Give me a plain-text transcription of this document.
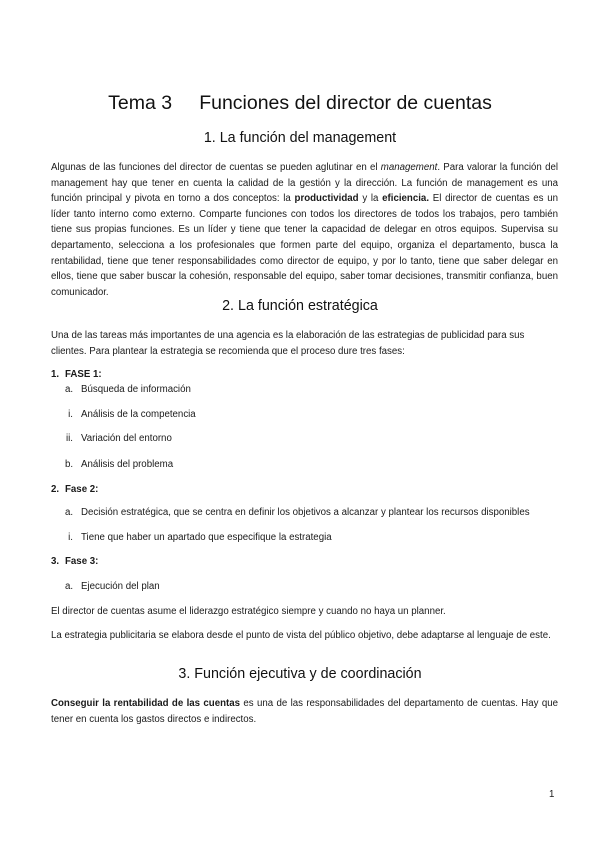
Tema 3 Funciones del director de cuentas
1. La función del management

Algunas de las funciones del director de cuentas se pueden aglutinar en el management. Para valorar la función del management hay que tener en cuenta la calidad de la gestión y la dirección. La función de management es una función principal y pivota en torno a dos conceptos: la productividad y la eficiencia. El director de cuentas es un líder tanto interno como externo. Comparte funciones con todos los directores de todos los trabajos, pero también tiene sus propias funciones. Es un líder y tiene que tener la capacidad de delegar en otros equipos. Supervisa su departamento, selecciona a los profesionales que formen parte del equipo, organiza el departamento, busca la rentabilidad, tiene que tener responsabilidades como director de equipo, y por lo tanto, tiene que saber delegar en ellos, tiene que saber buscar la cohesión, responsable del equipo, saber tomar decisiones, transmitir confianza, buen comunicador.

2. La función estratégica

Una de las tareas más importantes de una agencia es la elaboración de las estrategias de publicidad para sus clientes. Para plantear la estrategia se recomienda que el proceso dure tres fases:

1. FASE 1:
a. Búsqueda de información
i. Análisis de la competencia
ii. Variación del entorno
b. Análisis del problema
2. Fase 2:
a. Decisión estratégica, que se centra en definir los objetivos a alcanzar y plantear los recursos disponibles
i. Tiene que haber un apartado que especifique la estrategia
3. Fase 3:
a. Ejecución del plan

El director de cuentas asume el liderazgo estratégico siempre y cuando no haya un planner.

La estrategia publicitaria se elabora desde el punto de vista del público objetivo, debe adaptarse al lenguaje de este.

3. Función ejecutiva y de coordinación

Conseguir la rentabilidad de las cuentas es una de las responsabilidades del departamento de cuentas. Hay que tener en cuenta los gastos directos e indirectos.

1
